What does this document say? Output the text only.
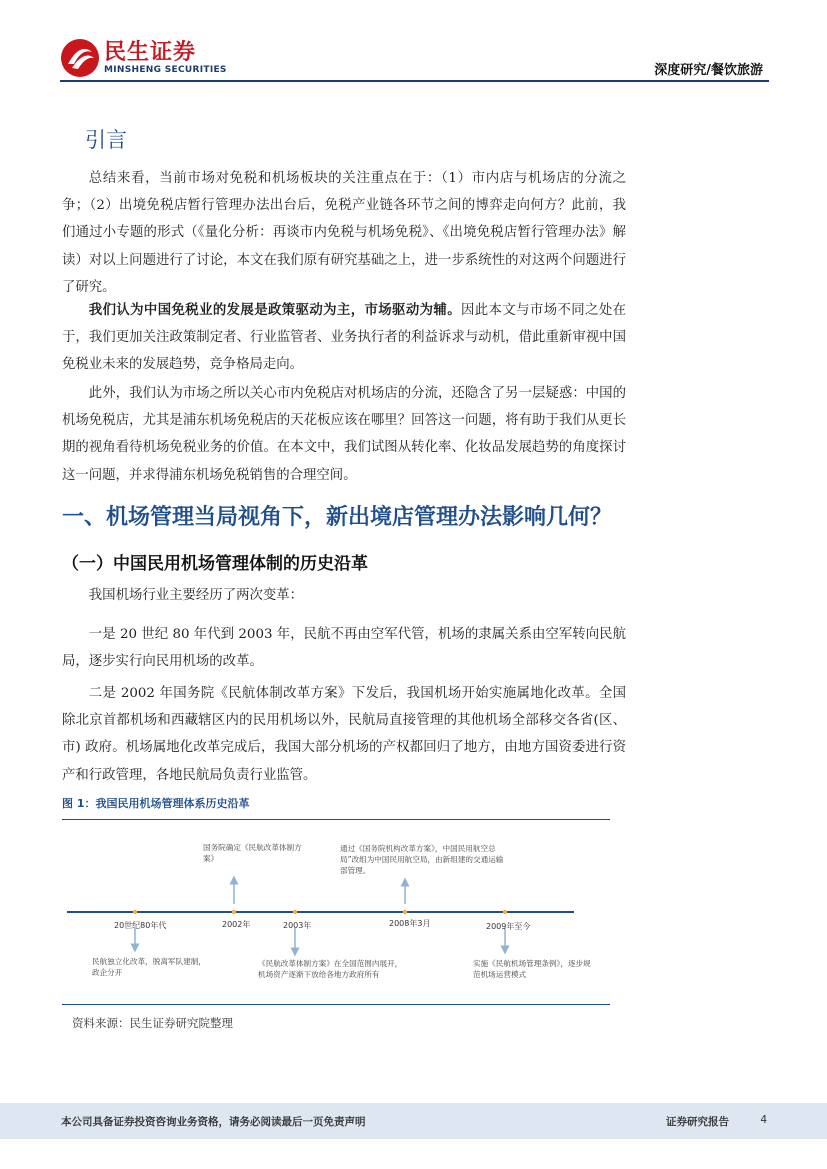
民生证券
MINSHENG SECURITIES	深度研究/餐饮旅游
引言
总结来看，当前市场对免税和机场板块的关注重点在于：（1）市内店与机场店的分流之争；（2）出境免税店暂行管理办法出台后，免税产业链各环节之间的博弈走向何方？此前，我们通过小专题的形式（《量化分析：再谈市内免税与机场免税》、《出境免税店暂行管理办法》解读）对以上问题进行了讨论，本文在我们原有研究基础之上，进一步系统性的对这两个问题进行了研究。
我们认为中国免税业的发展是政策驱动为主，市场驱动为辅。因此本文与市场不同之处在于，我们更加关注政策制定者、行业监管者、业务执行者的利益诉求与动机，借此重新审视中国免税业未来的发展趋势，竞争格局走向。
此外，我们认为市场之所以关心市内免税店对机场店的分流，还隐含了另一层疑惑：中国的机场免税店，尤其是浦东机场免税店的天花板应该在哪里？回答这一问题，将有助于我们从更长期的视角看待机场免税业务的价值。在本文中，我们试图从转化率、化妆品发展趋势的角度探讨这一问题，并求得浦东机场免税销售的合理空间。
一、机场管理当局视角下，新出境店管理办法影响几何？
（一）中国民用机场管理体制的历史沿革
我国机场行业主要经历了两次变革：
一是 20 世纪 80 年代到 2003 年，民航不再由空军代管，机场的隶属关系由空军转向民航局，逐步实行向民用机场的改革。
二是 2002 年国务院《民航体制改革方案》下发后，我国机场开始实施属地化改革。全国除北京首都机场和西藏辖区内的民用机场以外，民航局直接管理的其他机场全部移交各省(区、市) 政府。机场属地化改革完成后，我国大部分机场的产权都回归了地方，由地方国资委进行资产和行政管理，各地民航局负责行业监管。
图 1：我国民用机场管理体系历史沿革
20世纪80年代	2002年	2003年	2008年3月	2009年至今
民航独立化改革，脱离军队建制，政企分开
国务院确定《民航改革体制方案》
《民航改革体制方案》在全国范围内展开，机场资产逐渐下放给各地方政府所有
通过《国务院机构改革方案》，中国民用航空总局”改组为中国民用航空局，由新组建的交通运输部管理。
实施《民航机场管理条例》，逐步规范机场运营模式
资料来源：民生证券研究院整理
本公司具备证券投资咨询业务资格，请务必阅读最后一页免责声明	证券研究报告	4
